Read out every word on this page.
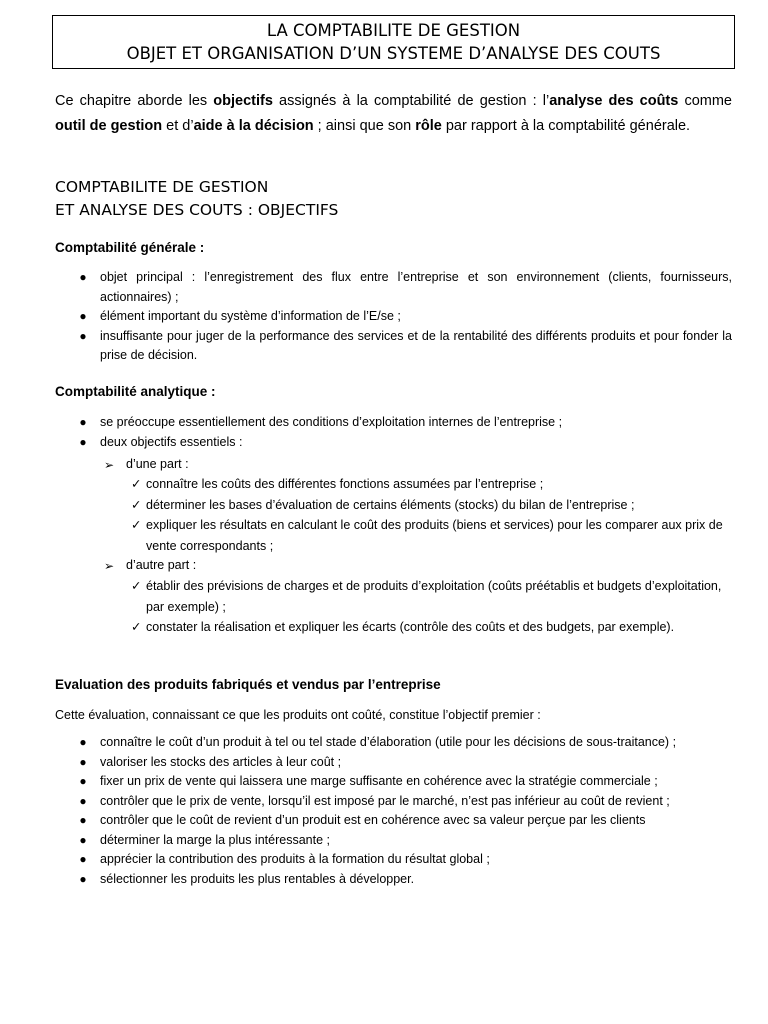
LA COMPTABILITE DE GESTION
OBJET ET ORGANISATION D’UN SYSTEME D’ANALYSE DES COUTS
Ce chapitre aborde les objectifs assignés à la comptabilité de gestion : l’analyse des coûts comme outil de gestion et d’aide à la décision ; ainsi que son rôle par rapport à la comptabilité générale.
COMPTABILITE DE GESTION
ET ANALYSE DES COUTS : OBJECTIFS
Comptabilité générale :
● objet principal : l’enregistrement des flux entre l’entreprise et son environnement (clients, fournisseurs, actionnaires) ;
● élément important du système d’information de l’E/se ;
● insuffisante pour juger de la performance des services et de la rentabilité des différents produits et pour fonder la prise de décision.
Comptabilité analytique :
● se préoccupe essentiellement des conditions d’exploitation internes de l’entreprise ;
● deux objectifs essentiels :
➢ d’une part :
✓ connaître les coûts des différentes fonctions assumées par l’entreprise ;
✓ déterminer les bases d’évaluation de certains éléments (stocks) du bilan de l’entreprise ;
✓ expliquer les résultats en calculant le coût des produits (biens et services) pour les comparer aux prix de vente correspondants ;
➢ d’autre part :
✓ établir des prévisions de charges et de produits d’exploitation (coûts préétablis et budgets d’exploitation, par exemple) ;
✓ constater la réalisation et expliquer les écarts (contrôle des coûts et des budgets, par exemple).
Evaluation des produits fabriqués et vendus par l’entreprise
Cette évaluation, connaissant ce que les produits ont coûté, constitue l’objectif premier :
● connaître le coût d’un produit à tel ou tel stade d’élaboration (utile pour les décisions de sous-traitance) ;
● valoriser les stocks des articles à leur coût ;
● fixer un prix de vente qui laissera une marge suffisante en cohérence avec la stratégie commerciale ;
● contrôler que le prix de vente, lorsqu’il est imposé par le marché, n’est pas inférieur au coût de revient ;
● contrôler que le coût de revient d’un produit est en cohérence avec sa valeur perçue par les clients
● déterminer la marge la plus intéressante ;
● apprécier la contribution des produits à la formation du résultat global ;
● sélectionner les produits les plus rentables à développer.
